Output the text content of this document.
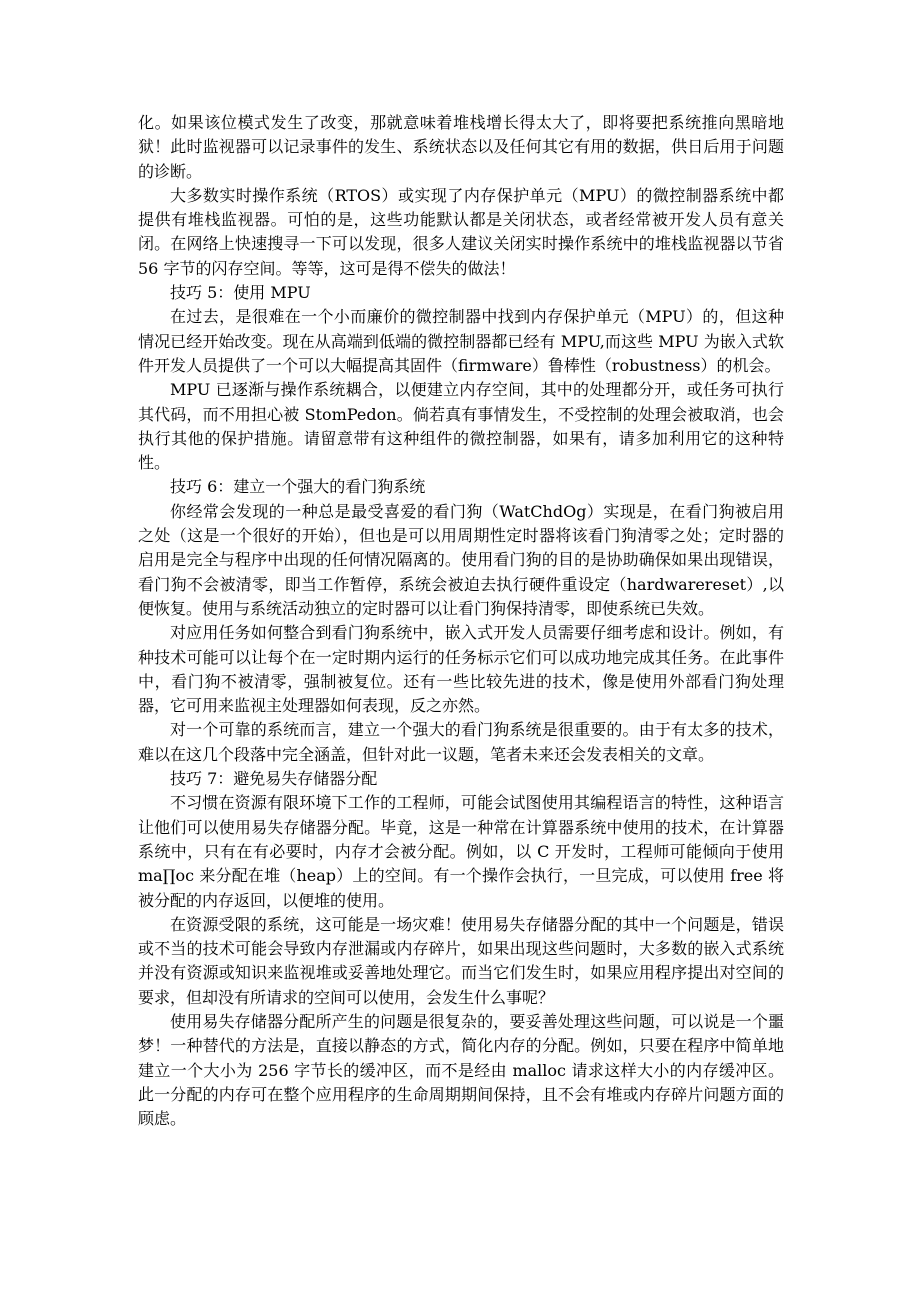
化。如果该位模式发生了改变，那就意味着堆栈增长得太大了，即将要把系统推向黑暗地狱！此时监视器可以记录事件的发生、系统状态以及任何其它有用的数据，供日后用于问题的诊断。

大多数实时操作系统（RTOS）或实现了内存保护单元（MPU）的微控制器系统中都提供有堆栈监视器。可怕的是，这些功能默认都是关闭状态，或者经常被开发人员有意关闭。在网络上快速搜寻一下可以发现，很多人建议关闭实时操作系统中的堆栈监视器以节省 56 字节的闪存空间。等等，这可是得不偿失的做法！

技巧 5：使用 MPU

在过去，是很难在一个小而廉价的微控制器中找到内存保护单元（MPU）的，但这种情况已经开始改变。现在从高端到低端的微控制器都已经有 MPU,而这些 MPU 为嵌入式软件开发人员提供了一个可以大幅提高其固件（firmware）鲁棒性（robustness）的机会。

MPU 已逐渐与操作系统耦合，以便建立内存空间，其中的处理都分开，或任务可执行其代码，而不用担心被 StomPedon。倘若真有事情发生，不受控制的处理会被取消，也会执行其他的保护措施。请留意带有这种组件的微控制器，如果有，请多加利用它的这种特性。

技巧 6：建立一个强大的看门狗系统

你经常会发现的一种总是最受喜爱的看门狗（WatChdOg）实现是，在看门狗被启用之处（这是一个很好的开始），但也是可以用周期性定时器将该看门狗清零之处；定时器的启用是完全与程序中出现的任何情况隔离的。使用看门狗的目的是协助确保如果出现错误，看门狗不会被清零，即当工作暂停，系统会被迫去执行硬件重设定（hardwarereset）,以便恢复。使用与系统活动独立的定时器可以让看门狗保持清零，即使系统已失效。

对应用任务如何整合到看门狗系统中，嵌入式开发人员需要仔细考虑和设计。例如，有种技术可能可以让每个在一定时期内运行的任务标示它们可以成功地完成其任务。在此事件中，看门狗不被清零，强制被复位。还有一些比较先进的技术，像是使用外部看门狗处理器，它可用来监视主处理器如何表现，反之亦然。

对一个可靠的系统而言，建立一个强大的看门狗系统是很重要的。由于有太多的技术，难以在这几个段落中完全涵盖，但针对此一议题，笔者未来还会发表相关的文章。

技巧 7：避免易失存储器分配

不习惯在资源有限环境下工作的工程师，可能会试图使用其编程语言的特性，这种语言让他们可以使用易失存储器分配。毕竟，这是一种常在计算器系统中使用的技术，在计算器系统中，只有在有必要时，内存才会被分配。例如，以 C 开发时，工程师可能倾向于使用 ma∏oc 来分配在堆（heap）上的空间。有一个操作会执行，一旦完成，可以使用 free 将被分配的内存返回，以便堆的使用。

在资源受限的系统，这可能是一场灾难！使用易失存储器分配的其中一个问题是，错误或不当的技术可能会导致内存泄漏或内存碎片，如果出现这些问题时，大多数的嵌入式系统并没有资源或知识来监视堆或妥善地处理它。而当它们发生时，如果应用程序提出对空间的要求，但却没有所请求的空间可以使用，会发生什么事呢？

使用易失存储器分配所产生的问题是很复杂的，要妥善处理这些问题，可以说是一个噩梦！一种替代的方法是，直接以静态的方式，简化内存的分配。例如，只要在程序中简单地建立一个大小为 256 字节长的缓冲区，而不是经由 malloc 请求这样大小的内存缓冲区。此一分配的内存可在整个应用程序的生命周期期间保持，且不会有堆或内存碎片问题方面的顾虑。
